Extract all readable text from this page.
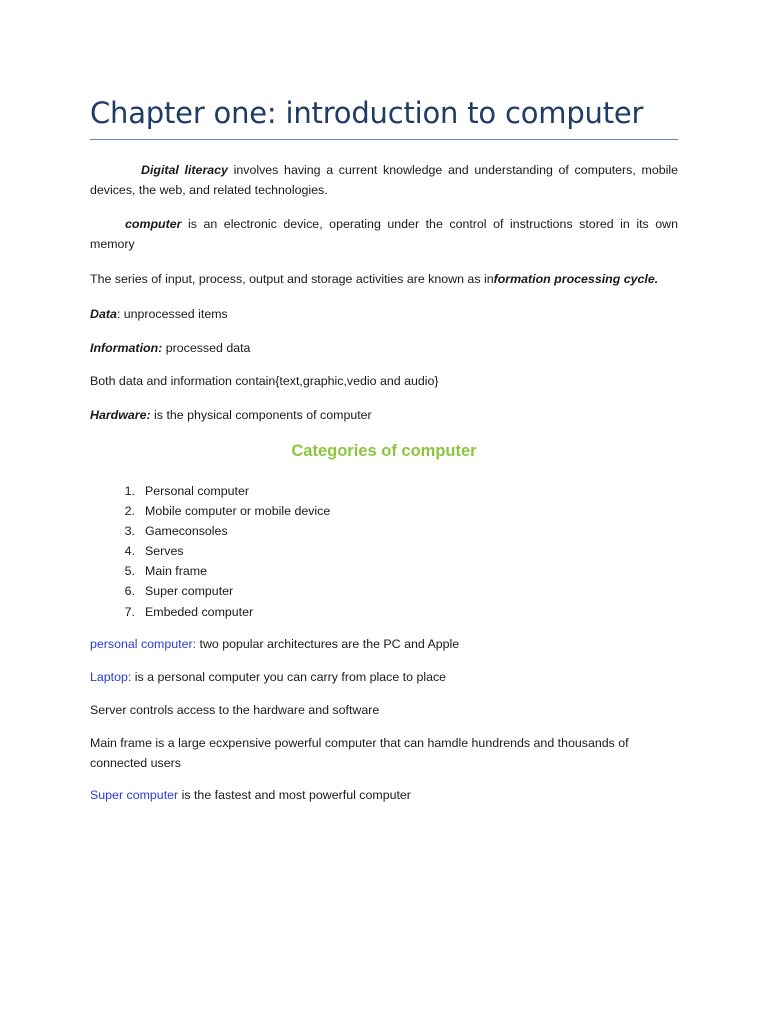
Chapter one: introduction to computer

Digital literacy involves having a current knowledge and understanding of computers, mobile devices, the web, and related technologies.

computer is an electronic device, operating under the control of instructions stored in its own memory

The series of input, process, output and storage activities are known as information processing cycle.

Data: unprocessed items

Information: processed data

Both data and information contain{text,graphic,vedio and audio}

Hardware: is the physical components of computer

Categories of computer
1. Personal computer
2. Mobile computer or mobile device
3. Gameconsoles
4. Serves
5. Main frame
6. Super computer
7. Embeded computer

personal computer: two popular architectures are the PC and Apple

Laptop: is a personal computer you can carry from place to place

Server controls access to the hardware and software

Main frame is a large ecxpensive powerful computer that can hamdle hundrends and thousands of connected users

Super computer is the fastest and most powerful computer
